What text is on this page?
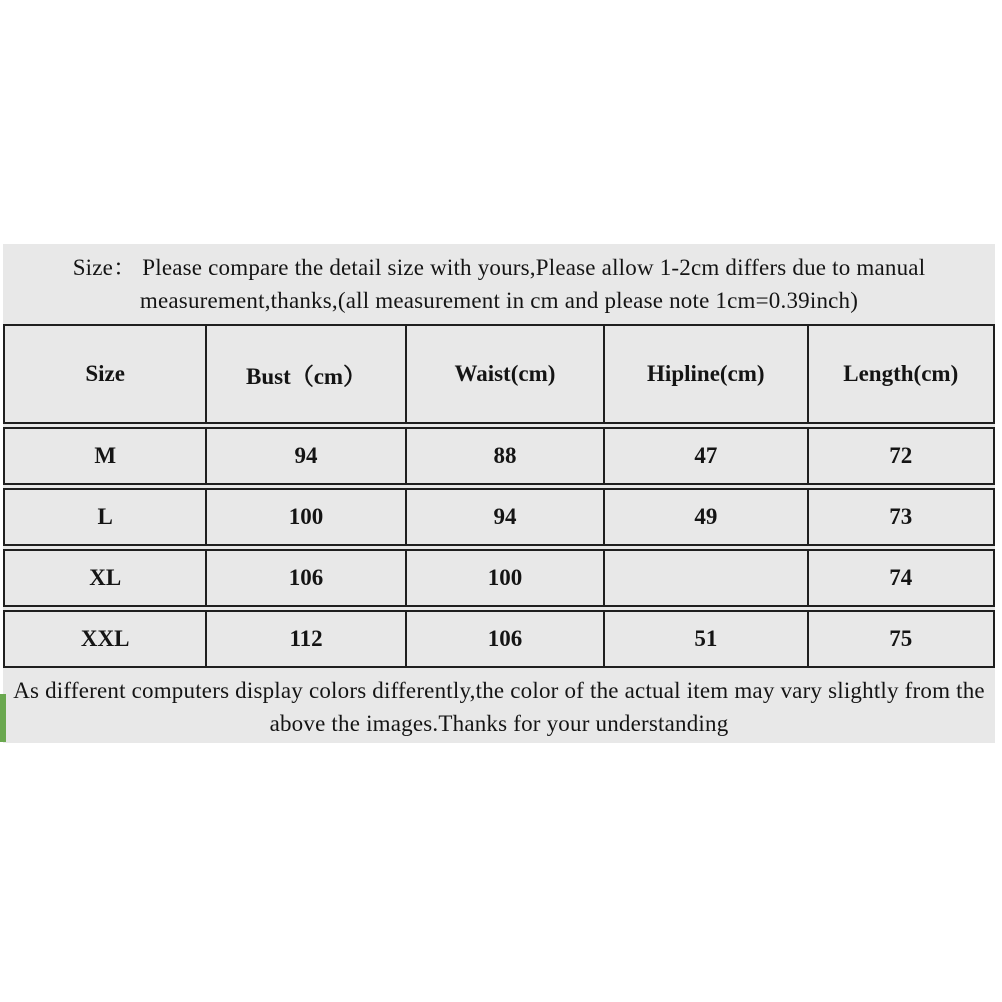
Size： Please compare the detail size with yours,Please allow 1-2cm differs due to manual
measurement,thanks,(all measurement in cm and please note 1cm=0.39inch)
Size	Bust（cm）	Waist(cm)	Hipline(cm)	Length(cm)
M	94	88	47	72
L	100	94	49	73
XL	106	100		74
XXL	112	106	51	75
As different computers display colors differently,the color of the actual item may vary slightly from the
above the images.Thanks for your understanding
